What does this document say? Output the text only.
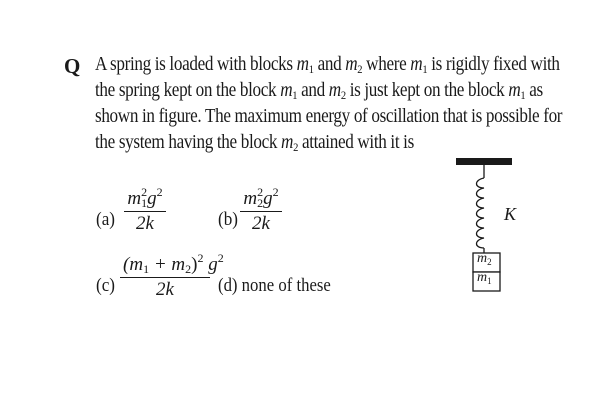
Q A spring is loaded with blocks $m_1$ and $m_2$ where $m_1$ is rigidly fixed with
the spring kept on the block $m_1$ and $m_2$ is just kept on the block $m_1$ as
shown in figure. The maximum energy of oscillation that is possible for
the system having the block $m_2$ attained with it is
(a)
$m^2_1g^2$
2k	(b)
$m^2_2g^2$
2k
(c)
$(m_1 + m_2)^2$ $g^2$
2k	(d) none of these
K
$m_2$
$m_1$
